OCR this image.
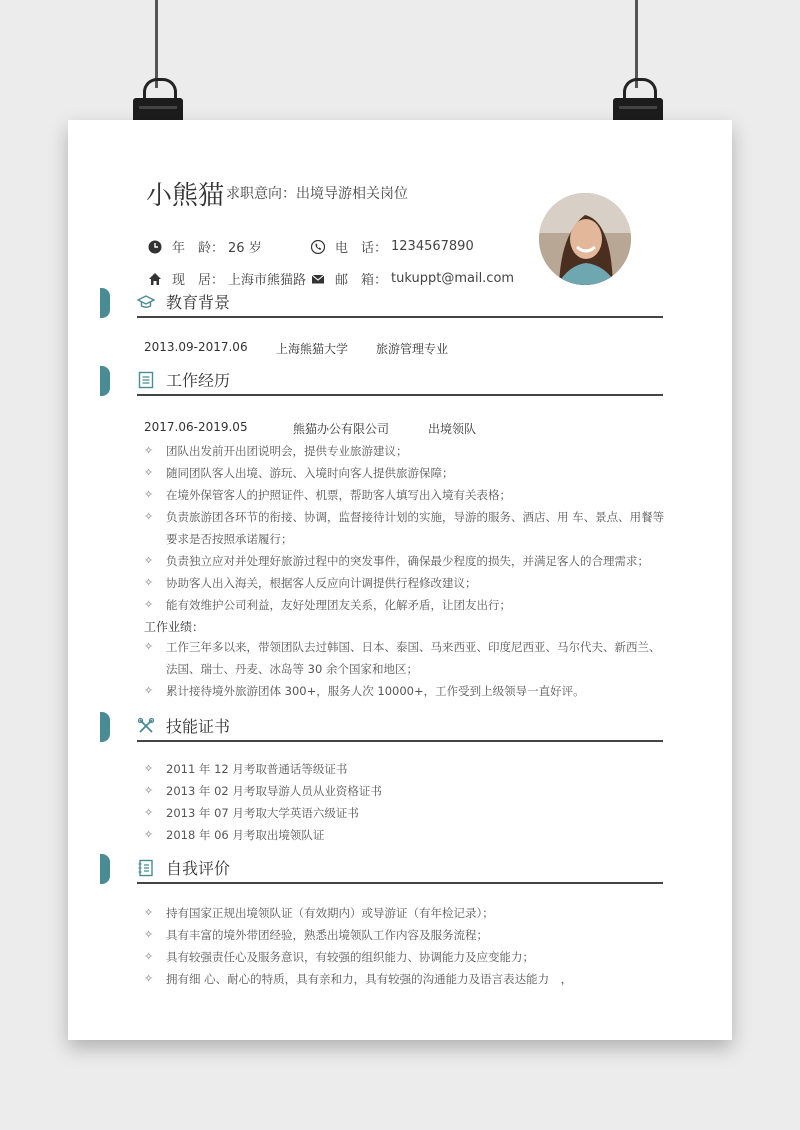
小熊猫 求职意向：出境导游相关岗位
年　龄： 26 岁	电　话： 1234567890
现　居： 上海市熊猫路 邮　箱： tukuppt@mail.com
教育背景
2013.09-2017.06 上海熊猫大学 旅游管理专业
工作经历
2017.06-2019.05	熊猫办公有限公司	出境领队
✧ 团队出发前开出团说明会，提供专业旅游建议；
✧ 随同团队客人出境、游玩、入境时向客人提供旅游保障；
✧ 在境外保管客人的护照证件、机票，帮助客人填写出入境有关表格；
✧ 负责旅游团各环节的衔接、协调，监督接待计划的实施，导游的服务、酒店、用 车、景点、用餐等要求是否按照承诺履行；
✧ 负责独立应对并处理好旅游过程中的突发事件，确保最少程度的损失，并满足客人的合理需求；
✧ 协助客人出入海关，根据客人反应向计调提供行程修改建议；
✧ 能有效维护公司利益，友好处理团友关系，化解矛盾，让团友出行；
工作业绩：
✧ 工作三年多以来，带领团队去过韩国、日本、泰国、马来西亚、印度尼西亚、马尔代夫、新西兰、法国、瑞士、丹麦、冰岛等 30 余个国家和地区；
✧ 累计接待境外旅游团体 300+，服务人次 10000+，工作受到上级领导一直好评。
技能证书
✧ 2011 年 12 月考取普通话等级证书
✧ 2013 年 02 月考取导游人员从业资格证书
✧ 2013 年 07 月考取大学英语六级证书
✧ 2018 年 06 月考取出境领队证
自我评价
✧ 持有国家正规出境领队证（有效期内）或导游证（有年检记录）；
✧ 具有丰富的境外带团经验，熟悉出境领队工作内容及服务流程；
✧ 具有较强责任心及服务意识，有较强的组织能力、协调能力及应变能力；
✧ 拥有细 心、耐心的特质，具有亲和力，具有较强的沟通能力及语言表达能力　，
